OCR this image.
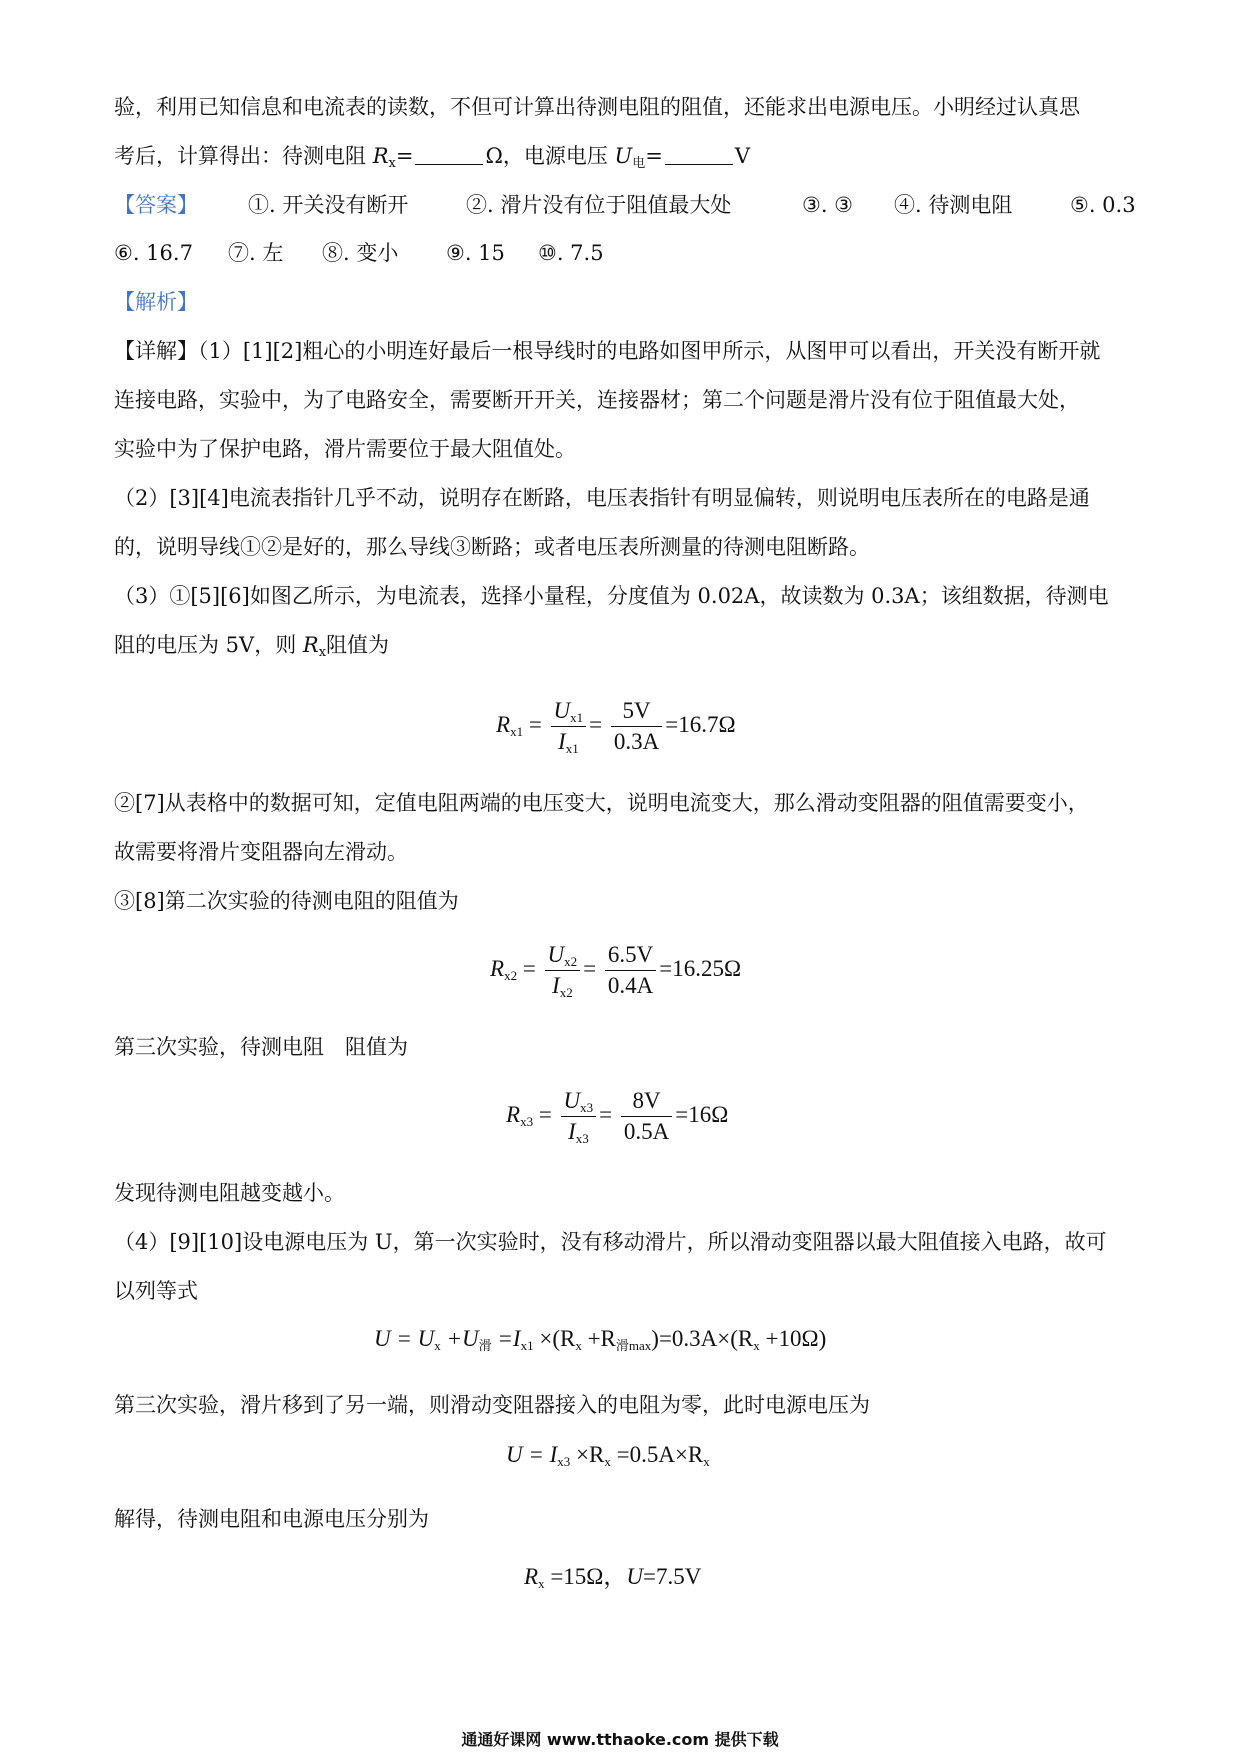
验，利用已知信息和电流表的读数，不但可计算出待测电阻的阻值，还能求出电源电压。小明经过认真思
考后，计算得出：待测电阻 $R_x=$	Ω，电源电压 $U_电=$	V
【答案】 ①. 开关没有断开	②. 滑片没有位于阻值最大处	③. ③ ④. 待测电阻	⑤. 0.3
⑥. 16.7 ⑦. 左 ⑧. 变小 ⑨. 15 ⑩. 7.5
【解析】
【详解】（1）[1][2]粗心的小明连好最后一根导线时的电路如图甲所示，从图甲可以看出，开关没有断开就
连接电路，实验中，为了电路安全，需要断开开关，连接器材；第二个问题是滑片没有位于阻值最大处，
实验中为了保护电路，滑片需要位于最大阻值处。
（2）[3][4]电流表指针几乎不动，说明存在断路，电压表指针有明显偏转，则说明电压表所在的电路是通
的，说明导线①②是好的，那么导线③断路；或者电压表所测量的待测电阻断路。
（3）①[5][6]如图乙所示，为电流表，选择小量程，分度值为 0.02A，故读数为 0.3A；该组数据，待测电
阻的电压为 5V，则 $R_x$阻值为
$R_{x1} = \frac{U_{x1}}{I_{x1}} = \frac{5V}{0.3A} =16.7\Omega$
②[7]从表格中的数据可知，定值电阻两端的电压变大，说明电流变大，那么滑动变阻器的阻值需要变小，
故需要将滑片变阻器向左滑动。
③[8]第二次实验的待测电阻的阻值为
$R_{x2} = \frac{U_{x2}}{I_{x2}} = \frac{6.5V}{0.4A} =16.25\Omega$
第三次实验，待测电阻　阻值为
$R_{x3} = \frac{U_{x3}}{I_{x3}} = \frac{8V}{0.5A} =16\Omega$
发现待测电阻越变越小。
（4）[9][10]设电源电压为 U，第一次实验时，没有移动滑片，所以滑动变阻器以最大阻值接入电路，故可
以列等式
$U = U_x +U_滑 =I_{x1} \times(R_x +R_{滑max})=0.3A\times(R_x +10\Omega)$
第三次实验，滑片移到了另一端，则滑动变阻器接入的电阻为零，此时电源电压为
$U = I_{x3} \times R_x =0.5A\times R_x$
解得，待测电阻和电源电压分别为
$R_x =15\Omega$，U=7.5V
通通好课网 www.tthaoke.com 提供下载
